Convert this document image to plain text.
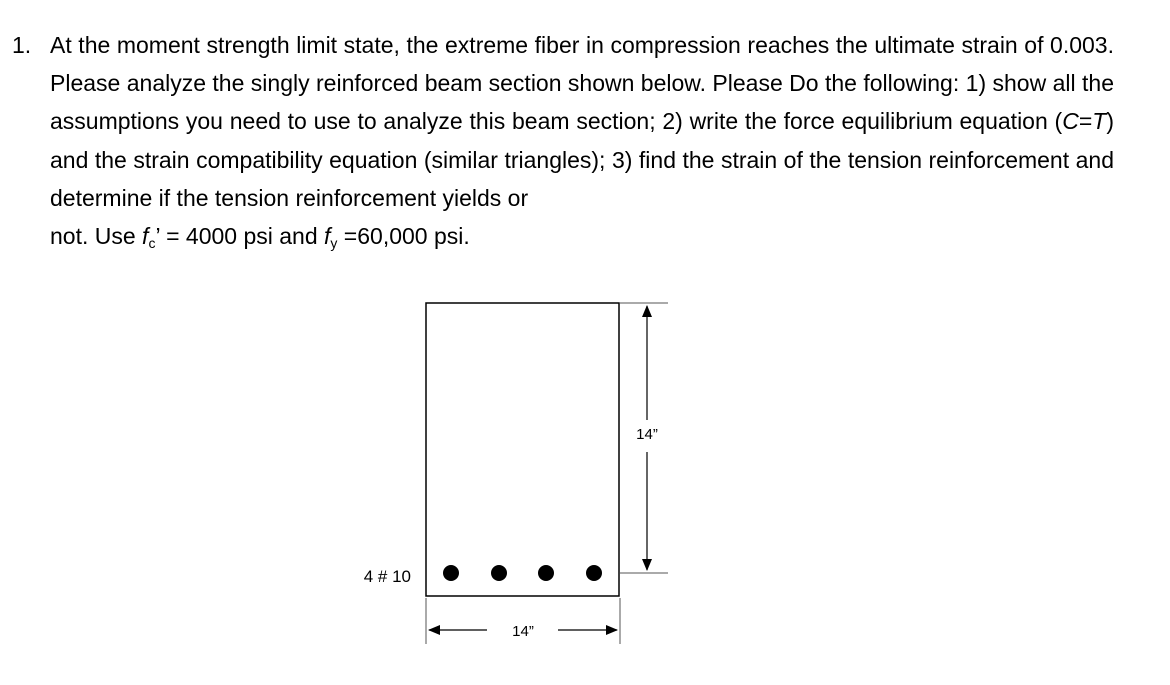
1. At the moment strength limit state, the extreme fiber in compression reaches the ultimate strain of 0.003. Please analyze the singly reinforced beam section shown below. Please Do the following: 1) show all the assumptions you need to use to analyze this beam section; 2) write the force equilibrium equation (C=T) and the strain compatibility equation (similar triangles); 3) find the strain of the tension reinforcement and determine if the tension reinforcement yields or
not. Use $f_c$’ = 4000 psi and $f_y =60,000$ psi.
4 # 10
14”
14”
